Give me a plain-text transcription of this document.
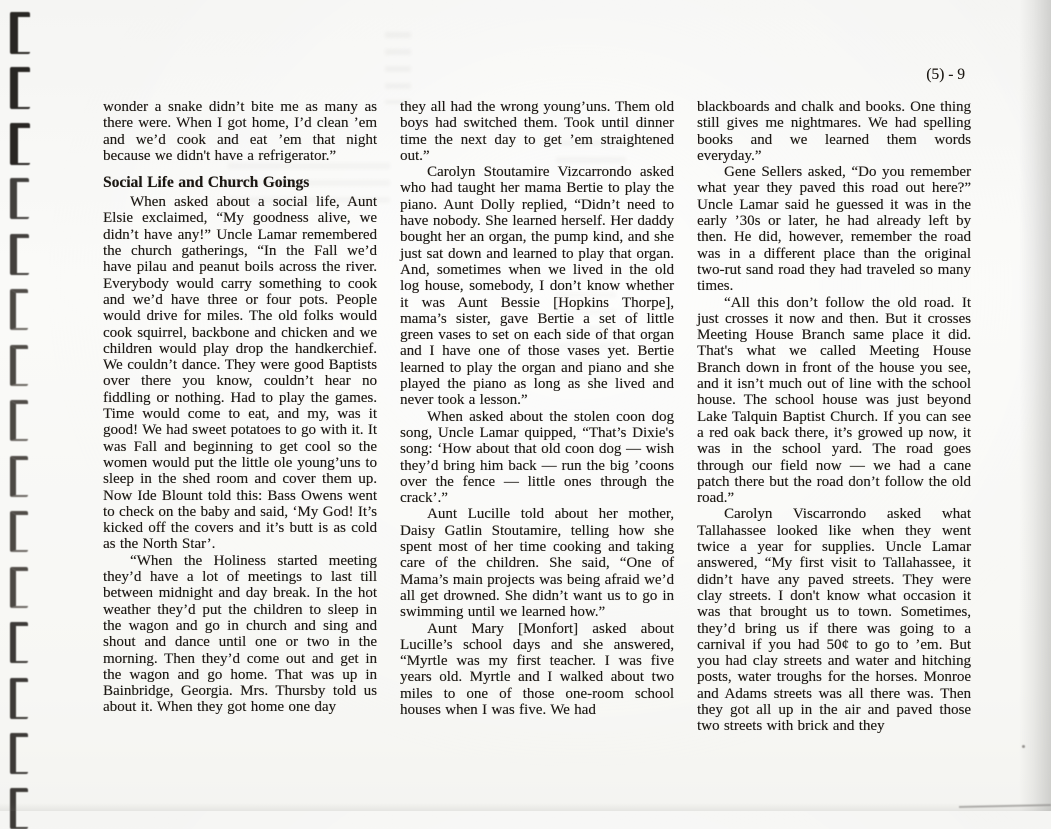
(5) - 9

wonder a snake didn’t bite me as many as there were. When I got home, I’d clean ’em and we’d cook and eat ’em that night because we didn't have a refrigerator.”

Social Life and Church Goings

When asked about a social life, Aunt Elsie exclaimed, “My goodness alive, we didn’t have any!” Uncle Lamar remembered the church gatherings, “In the Fall we’d have pilau and peanut boils across the river. Everybody would carry something to cook and we’d have three or four pots. People would drive for miles. The old folks would cook squirrel, backbone and chicken and we children would play drop the handkerchief. We couldn’t dance. They were good Baptists over there you know, couldn’t hear no fiddling or nothing. Had to play the games. Time would come to eat, and my, was it good! We had sweet potatoes to go with it. It was Fall and beginning to get cool so the women would put the little ole young’uns to sleep in the shed room and cover them up. Now Ide Blount told this: Bass Owens went to check on the baby and said, ‘My God! It’s kicked off the covers and it’s butt is as cold as the North Star’.

“When the Holiness started meeting they’d have a lot of meetings to last till between midnight and day break. In the hot weather they’d put the children to sleep in the wagon and go in church and sing and shout and dance until one or two in the morning. Then they’d come out and get in the wagon and go home. That was up in Bainbridge, Georgia. Mrs. Thursby told us about it. When they got home one day

they all had the wrong young’uns. Them old boys had switched them. Took until dinner time the next day to get ’em straightened out.”

Carolyn Stoutamire Vizcarrondo asked who had taught her mama Bertie to play the piano. Aunt Dolly replied, “Didn’t need to have nobody. She learned herself. Her daddy bought her an organ, the pump kind, and she just sat down and learned to play that organ. And, sometimes when we lived in the old log house, somebody, I don’t know whether it was Aunt Bessie [Hopkins Thorpe], mama’s sister, gave Bertie a set of little green vases to set on each side of that organ and I have one of those vases yet. Bertie learned to play the organ and piano and she played the piano as long as she lived and never took a lesson.”

When asked about the stolen coon dog song, Uncle Lamar quipped, “That’s Dixie's song: ‘How about that old coon dog — wish they’d bring him back — run the big ’coons over the fence — little ones through the crack’.”

Aunt Lucille told about her mother, Daisy Gatlin Stoutamire, telling how she spent most of her time cooking and taking care of the children. She said, “One of Mama’s main projects was being afraid we’d all get drowned. She didn’t want us to go in swimming until we learned how.”

Aunt Mary [Monfort] asked about Lucille’s school days and she answered, “Myrtle was my first teacher. I was five years old. Myrtle and I walked about two miles to one of those one-room school houses when I was five. We had

blackboards and chalk and books. One thing still gives me nightmares. We had spelling books and we learned them words everyday.”

Gene Sellers asked, “Do you remember what year they paved this road out here?” Uncle Lamar said he guessed it was in the early ’30s or later, he had already left by then. He did, however, remember the road was in a different place than the original two-rut sand road they had traveled so many times.

“All this don’t follow the old road. It just crosses it now and then. But it crosses Meeting House Branch same place it did. That's what we called Meeting House Branch down in front of the house you see, and it isn’t much out of line with the school house. The school house was just beyond Lake Talquin Baptist Church. If you can see a red oak back there, it’s growed up now, it was in the school yard. The road goes through our field now — we had a cane patch there but the road don’t follow the old road.”

Carolyn Viscarrondo asked what Tallahassee looked like when they went twice a year for supplies. Uncle Lamar answered, “My first visit to Tallahassee, it didn’t have any paved streets. They were clay streets. I don't know what occasion it was that brought us to town. Sometimes, they’d bring us if there was going to a carnival if you had 50¢ to go to ’em. But you had clay streets and water and hitching posts, water troughs for the horses. Monroe and Adams streets was all there was. Then they got all up in the air and paved those two streets with brick and they
